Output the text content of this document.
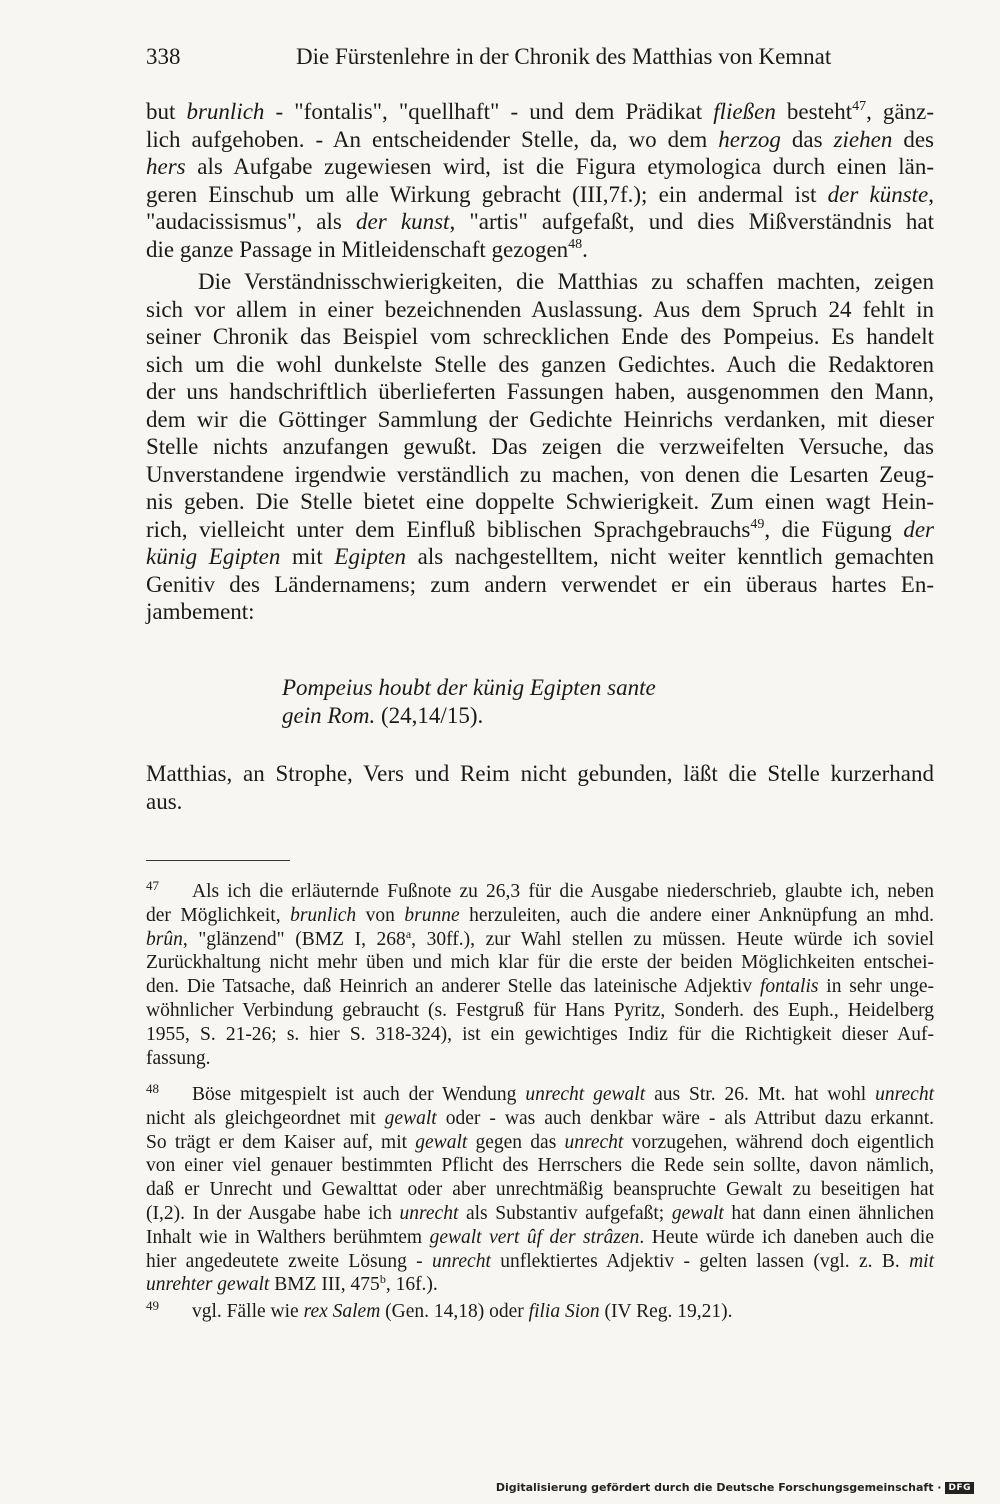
338	Die Fürstenlehre in der Chronik des Matthias von Kemnat
but brunlich - "fontalis", "quellhaft" - und dem Prädikat fließen besteht$^{47}$, gänz-
lich aufgehoben. - An entscheidender Stelle, da, wo dem herzog das ziehen des
hers als Aufgabe zugewiesen wird, ist die Figura etymologica durch einen län-
geren Einschub um alle Wirkung gebracht (III,7f.); ein andermal ist der künste,
"audacissismus", als der kunst, "artis" aufgefaßt, und dies Mißverständnis hat
die ganze Passage in Mitleidenschaft gezogen$^{48}$.
Die Verständnisschwierigkeiten, die Matthias zu schaffen machten, zeigen
sich vor allem in einer bezeichnenden Auslassung. Aus dem Spruch 24 fehlt in
seiner Chronik das Beispiel vom schrecklichen Ende des Pompeius. Es handelt
sich um die wohl dunkelste Stelle des ganzen Gedichtes. Auch die Redaktoren
der uns handschriftlich überlieferten Fassungen haben, ausgenommen den Mann,
dem wir die Göttinger Sammlung der Gedichte Heinrichs verdanken, mit dieser
Stelle nichts anzufangen gewußt. Das zeigen die verzweifelten Versuche, das
Unverstandene irgendwie verständlich zu machen, von denen die Lesarten Zeug-
nis geben. Die Stelle bietet eine doppelte Schwierigkeit. Zum einen wagt Hein-
rich, vielleicht unter dem Einfluß biblischen Sprachgebrauchs$^{49}$, die Fügung der
künig Egipten mit Egipten als nachgestelltem, nicht weiter kenntlich gemachten
Genitiv des Ländernamens; zum andern verwendet er ein überaus hartes En-
jambement:
Pompeius houbt der künig Egipten sante
gein Rom. (24,14/15).
Matthias, an Strophe, Vers und Reim nicht gebunden, läßt die Stelle kurzerhand
aus.
47 Als ich die erläuternde Fußnote zu 26,3 für die Ausgabe niederschrieb, glaubte ich, neben
der Möglichkeit, brunlich von brunne herzuleiten, auch die andere einer Anknüpfung an mhd.
brûn, "glänzend" (BMZ I, 268$^a$, 30ff.), zur Wahl stellen zu müssen. Heute würde ich soviel
Zurückhaltung nicht mehr üben und mich klar für die erste der beiden Möglichkeiten entschei-
den. Die Tatsache, daß Heinrich an anderer Stelle das lateinische Adjektiv fontalis in sehr unge-
wöhnlicher Verbindung gebraucht (s. Festgruß für Hans Pyritz, Sonderh. des Euph., Heidelberg
1955, S. 21-26; s. hier S. 318-324), ist ein gewichtiges Indiz für die Richtigkeit dieser Auf-
fassung.
48 Böse mitgespielt ist auch der Wendung unrecht gewalt aus Str. 26. Mt. hat wohl unrecht
nicht als gleichgeordnet mit gewalt oder - was auch denkbar wäre - als Attribut dazu erkannt.
So trägt er dem Kaiser auf, mit gewalt gegen das unrecht vorzugehen, während doch eigentlich
von einer viel genauer bestimmten Pflicht des Herrschers die Rede sein sollte, davon nämlich,
daß er Unrecht und Gewalttat oder aber unrechtmäßig beanspruchte Gewalt zu beseitigen hat
(I,2). In der Ausgabe habe ich unrecht als Substantiv aufgefaßt; gewalt hat dann einen ähnlichen
Inhalt wie in Walthers berühmtem gewalt vert ûf der strâzen. Heute würde ich daneben auch die
hier angedeutete zweite Lösung - unrecht unflektiertes Adjektiv - gelten lassen (vgl. z. B. mit
unrehter gewalt BMZ III, 475$^b$, 16f.).
49 vgl. Fälle wie rex Salem (Gen. 14,18) oder filia Sion (IV Reg. 19,21).
Digitalisierung gefördert durch die Deutsche Forschungsgemeinschaft · DFG
